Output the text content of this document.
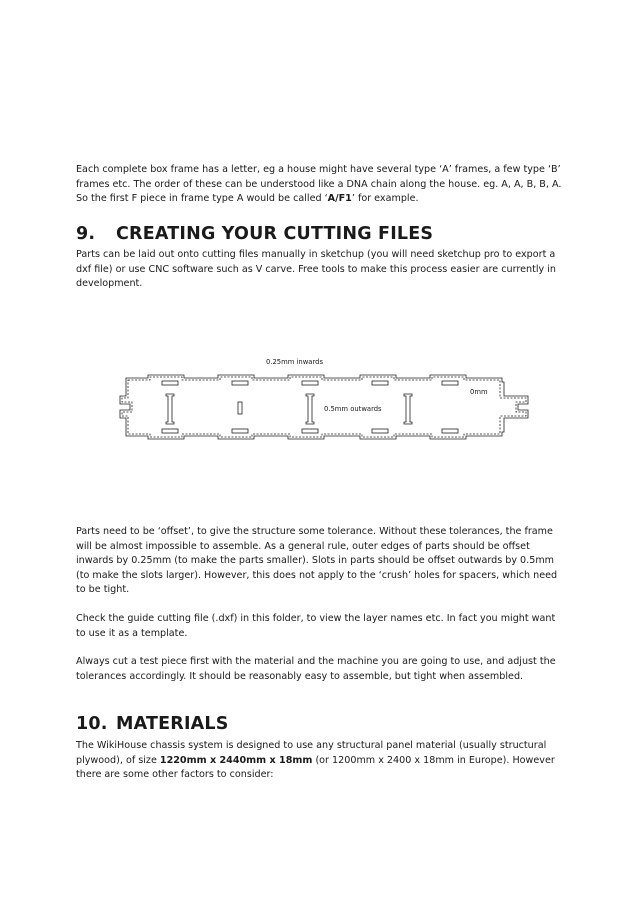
Each complete box frame has a letter, eg a house might have several type ‘A’ frames, a few type ‘B’ frames etc. The order of these can be understood like a DNA chain along the house. eg. A, A, B, B, A. So the first F piece in frame type A would be called ‘A/F1’ for example.

9. CREATING YOUR CUTTING FILES

Parts can be laid out onto cutting files manually in sketchup (you will need sketchup pro to export a dxf file) or use CNC software such as V carve. Free tools to make this process easier are currently in development.

0.25mm inwards
0.5mm outwards
0mm

Parts need to be ‘offset’, to give the structure some tolerance. Without these tolerances, the frame will be almost impossible to assemble. As a general rule, outer edges of parts should be offset inwards by 0.25mm (to make the parts smaller). Slots in parts should be offset outwards by 0.5mm (to make the slots larger). However, this does not apply to the ‘crush’ holes for spacers, which need to be tight.

Check the guide cutting file (.dxf) in this folder, to view the layer names etc. In fact you might want to use it as a template.

Always cut a test piece first with the material and the machine you are going to use, and adjust the tolerances accordingly. It should be reasonably easy to assemble, but tight when assembled.

10. MATERIALS

The WikiHouse chassis system is designed to use any structural panel material (usually structural plywood), of size 1220mm x 2440mm x 18mm (or 1200mm x 2400 x 18mm in Europe). However there are some other factors to consider:
